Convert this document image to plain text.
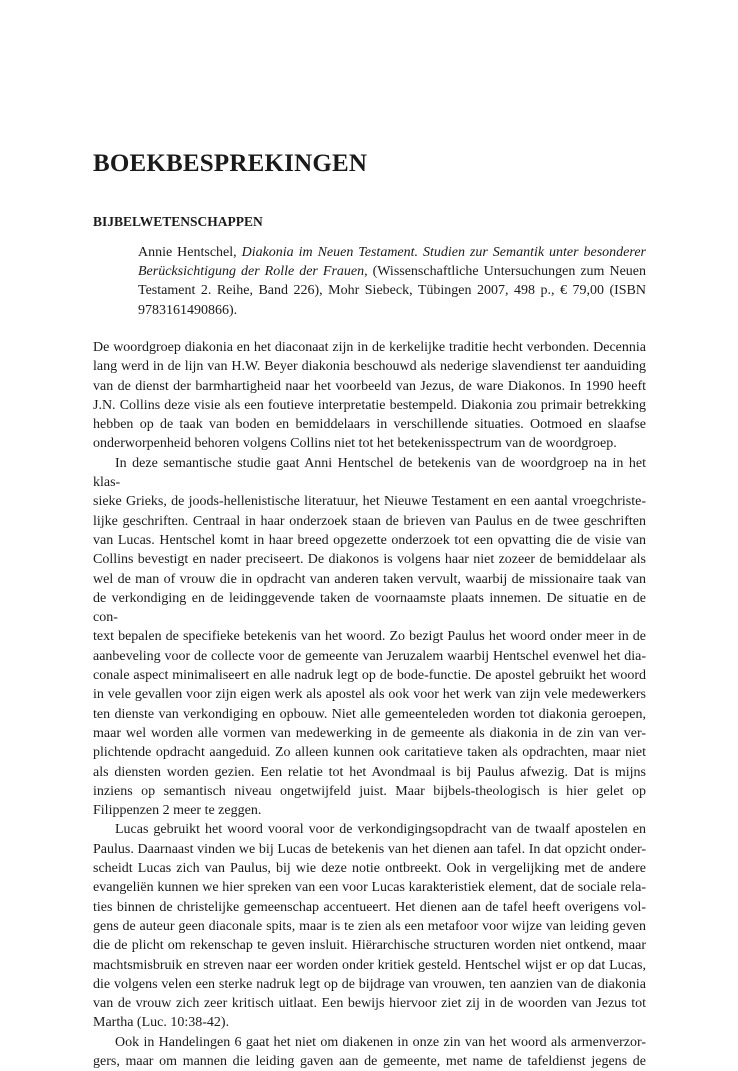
BOEKBESPREKINGEN
BIJBELWETENSCHAPPEN
Annie Hentschel, Diakonia im Neuen Testament. Studien zur Semantik unter besonderer
Berücksichtigung der Rolle der Frauen, (Wissenschaftliche Untersuchungen zum Neuen
Testament 2. Reihe, Band 226), Mohr Siebeck, Tübingen 2007, 498 p., € 79,00 (ISBN
9783161490866).
De woordgroep diakonia en het diaconaat zijn in de kerkelijke traditie hecht verbonden. Decennia
lang werd in de lijn van H.W. Beyer diakonia beschouwd als nederige slavendienst ter aanduiding
van de dienst der barmhartigheid naar het voorbeeld van Jezus, de ware Diakonos. In 1990 heeft
J.N. Collins deze visie als een foutieve interpretatie bestempeld. Diakonia zou primair betrekking
hebben op de taak van boden en bemiddelaars in verschillende situaties. Ootmoed en slaafse
onderworpenheid behoren volgens Collins niet tot het betekenisspectrum van de woordgroep.
In deze semantische studie gaat Anni Hentschel de betekenis van de woordgroep na in het klas-
sieke Grieks, de joods-hellenistische literatuur, het Nieuwe Testament en een aantal vroegchriste-
lijke geschriften. Centraal in haar onderzoek staan de brieven van Paulus en de twee geschriften
van Lucas. Hentschel komt in haar breed opgezette onderzoek tot een opvatting die de visie van
Collins bevestigt en nader preciseert. De diakonos is volgens haar niet zozeer de bemiddelaar als
wel de man of vrouw die in opdracht van anderen taken vervult, waarbij de missionaire taak van
de verkondiging en de leidinggevende taken de voornaamste plaats innemen. De situatie en de con-
text bepalen de specifieke betekenis van het woord. Zo bezigt Paulus het woord onder meer in de
aanbeveling voor de collecte voor de gemeente van Jeruzalem waarbij Hentschel evenwel het dia-
conale aspect minimaliseert en alle nadruk legt op de bode-functie. De apostel gebruikt het woord
in vele gevallen voor zijn eigen werk als apostel als ook voor het werk van zijn vele medewerkers
ten dienste van verkondiging en opbouw. Niet alle gemeenteleden worden tot diakonia geroepen,
maar wel worden alle vormen van medewerking in de gemeente als diakonia in de zin van ver-
plichtende opdracht aangeduid. Zo alleen kunnen ook caritatieve taken als opdrachten, maar niet
als diensten worden gezien. Een relatie tot het Avondmaal is bij Paulus afwezig. Dat is mijns
inziens op semantisch niveau ongetwijfeld juist. Maar bijbels-theologisch is hier gelet op
Filippenzen 2 meer te zeggen.
Lucas gebruikt het woord vooral voor de verkondigingsopdracht van de twaalf apostelen en
Paulus. Daarnaast vinden we bij Lucas de betekenis van het dienen aan tafel. In dat opzicht onder-
scheidt Lucas zich van Paulus, bij wie deze notie ontbreekt. Ook in vergelijking met de andere
evangeliën kunnen we hier spreken van een voor Lucas karakteristiek element, dat de sociale rela-
ties binnen de christelijke gemeenschap accentueert. Het dienen aan de tafel heeft overigens vol-
gens de auteur geen diaconale spits, maar is te zien als een metafoor voor wijze van leiding geven
die de plicht om rekenschap te geven insluit. Hiërarchische structuren worden niet ontkend, maar
machtsmisbruik en streven naar eer worden onder kritiek gesteld. Hentschel wijst er op dat Lucas,
die volgens velen een sterke nadruk legt op de bijdrage van vrouwen, ten aanzien van de diakonia
van de vrouw zich zeer kritisch uitlaat. Een bewijs hiervoor ziet zij in de woorden van Jezus tot
Martha (Luc. 10:38-42).
Ook in Handelingen 6 gaat het niet om diakenen in onze zin van het woord als armenverzor-
gers, maar om mannen die leiding gaven aan de gemeente, met name de tafeldienst jegens de
